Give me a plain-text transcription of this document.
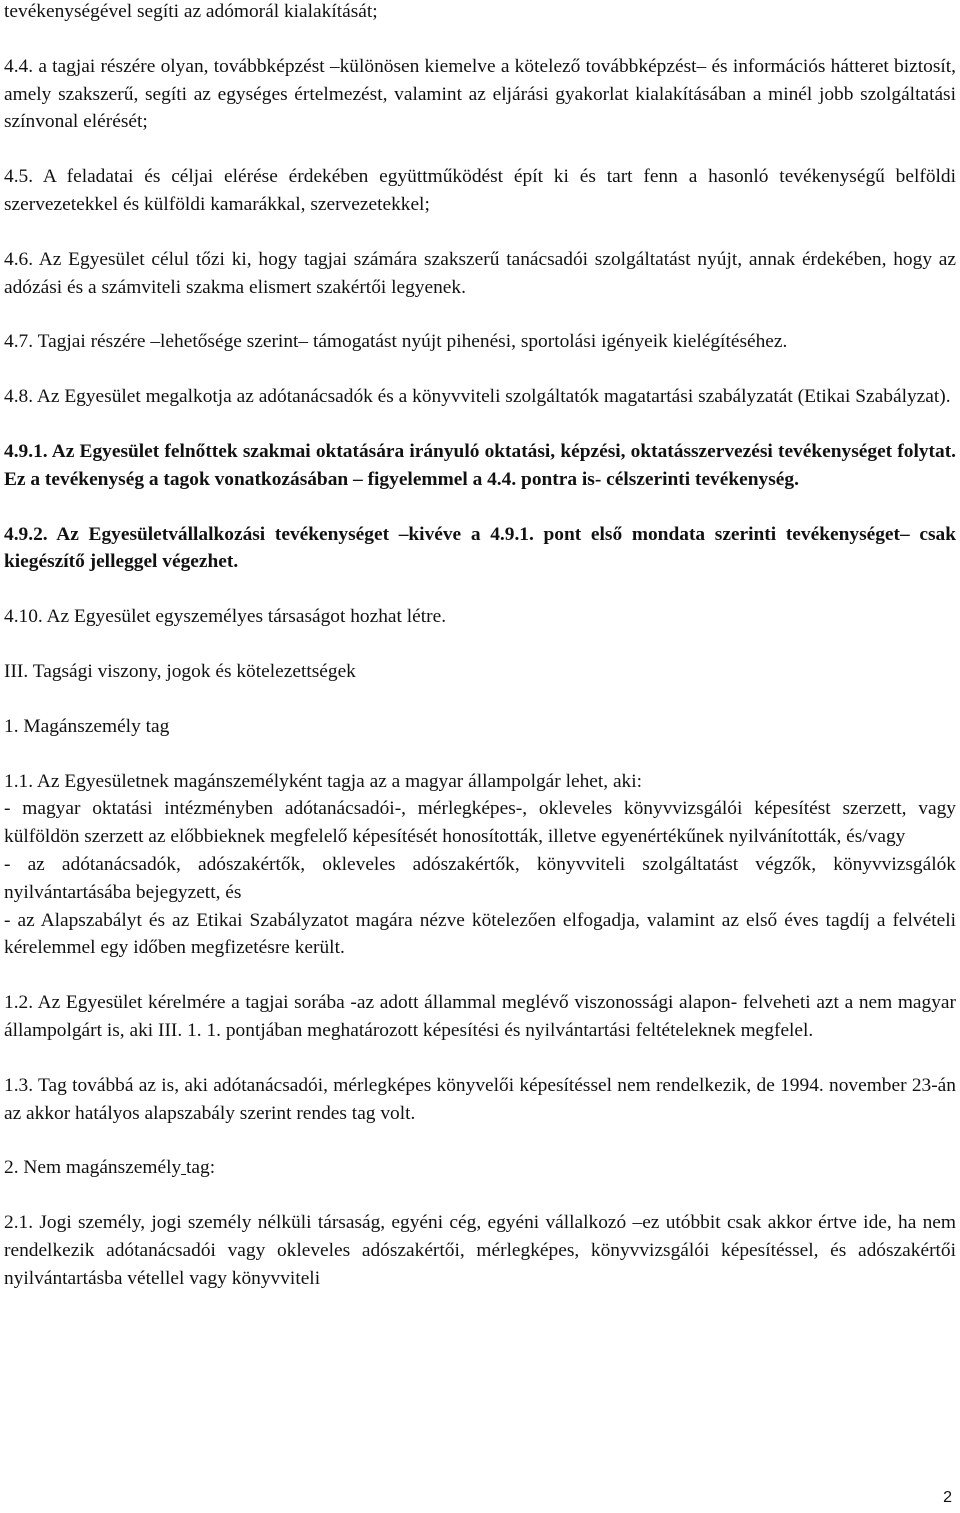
tevékenységével segíti az adómorál kialakítását;

4.4. a tagjai részére olyan, továbbképzést –különösen kiemelve a kötelező továbbképzést– és információs hátteret biztosít, amely szakszerű, segíti az egységes értelmezést, valamint az eljárási gyakorlat kialakításában a minél jobb szolgáltatási színvonal elérését;

4.5. A feladatai és céljai elérése érdekében együttműködést épít ki és tart fenn a hasonló tevékenységű belföldi szervezetekkel és külföldi kamarákkal, szervezetekkel;

4.6. Az Egyesület célul tőzi ki, hogy tagjai számára szakszerű tanácsadói szolgáltatást nyújt, annak érdekében, hogy az adózási és a számviteli szakma elismert szakértői legyenek.

4.7. Tagjai részére –lehetősége szerint– támogatást nyújt pihenési, sportolási igényeik kielégítéséhez.

4.8. Az Egyesület megalkotja az adótanácsadók és a könyvviteli szolgáltatók magatartási szabályzatát (Etikai Szabályzat).

4.9.1. Az Egyesület felnőttek szakmai oktatására irányuló oktatási, képzési, oktatásszervezési tevékenységet folytat. Ez a tevékenység a tagok vonatkozásában – figyelemmel a 4.4. pontra is- célszerinti tevékenység.

4.9.2. Az Egyesületvállalkozási tevékenységet –kivéve a 4.9.1. pont első mondata szerinti tevékenységet– csak kiegészítő jelleggel végezhet.

4.10. Az Egyesület egyszemélyes társaságot hozhat létre.

III. Tagsági viszony, jogok és kötelezettségek

1. Magánszemély tag

1.1. Az Egyesületnek magánszemélyként tagja az a magyar állampolgár lehet, aki:

- magyar oktatási intézményben adótanácsadói-, mérlegképes-, okleveles könyvvizsgálói képesítést szerzett, vagy külföldön szerzett az előbbieknek megfelelő képesítését honosították, illetve egyenértékűnek nyilvánították, és/vagy

- az adótanácsadók, adószakértők, okleveles adószakértők, könyvviteli szolgáltatást végzők, könyvvizsgálók nyilvántartásába bejegyzett, és

- az Alapszabályt és az Etikai Szabályzatot magára nézve kötelezően elfogadja, valamint az első éves tagdíj a felvételi kérelemmel egy időben megfizetésre került.

1.2. Az Egyesület kérelmére a tagjai sorába -az adott állammal meglévő viszonossági alapon- felveheti azt a nem magyar állampolgárt is, aki III. 1. 1. pontjában meghatározott képesítési és nyilvántartási feltételeknek megfelel.

1.3. Tag továbbá az is, aki adótanácsadói, mérlegképes könyvelői képesítéssel nem rendelkezik, de 1994. november 23-án az akkor hatályos alapszabály szerint rendes tag volt.

2. Nem magánszemély tag:

2.1. Jogi személy, jogi személy nélküli társaság, egyéni cég, egyéni vállalkozó –ez utóbbit csak akkor értve ide, ha nem rendelkezik adótanácsadói vagy okleveles adószakértői, mérlegképes, könyvvizsgálói képesítéssel, és adószakértői nyilvántartásba vétellel vagy könyvviteli

2
